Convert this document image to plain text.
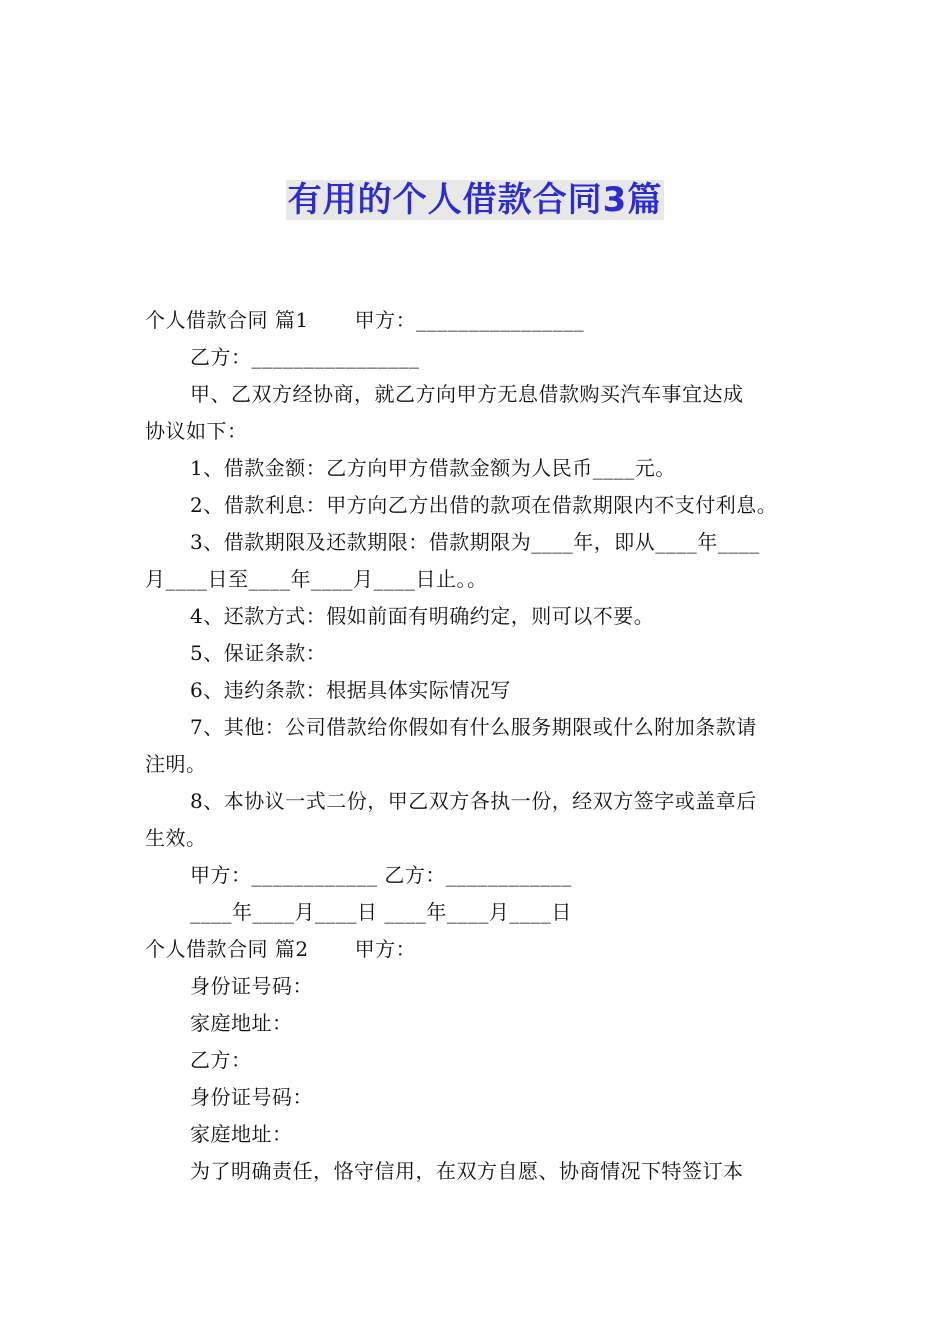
有用的个人借款合同3篇
个人借款合同 篇1 甲方：________________
乙方：________________
甲、乙双方经协商，就乙方向甲方无息借款购买汽车事宜达成
协议如下：
1、借款金额：乙方向甲方借款金额为人民币____元。
2、借款利息：甲方向乙方出借的款项在借款期限内不支付利息。
3、借款期限及还款期限：借款期限为____年，即从____年____
月____日至____年____月____日止。。
4、还款方式：假如前面有明确约定，则可以不要。
5、保证条款：
6、违约条款：根据具体实际情况写
7、其他：公司借款给你假如有什么服务期限或什么附加条款请
注明。
8、本协议一式二份，甲乙双方各执一份，经双方签字或盖章后
生效。
甲方：____________ 乙方：____________
____年____月____日 ____年____月____日
个人借款合同 篇2 甲方：
身份证号码：
家庭地址：
乙方：
身份证号码：
家庭地址：
为了明确责任，恪守信用，在双方自愿、协商情况下特签订本
